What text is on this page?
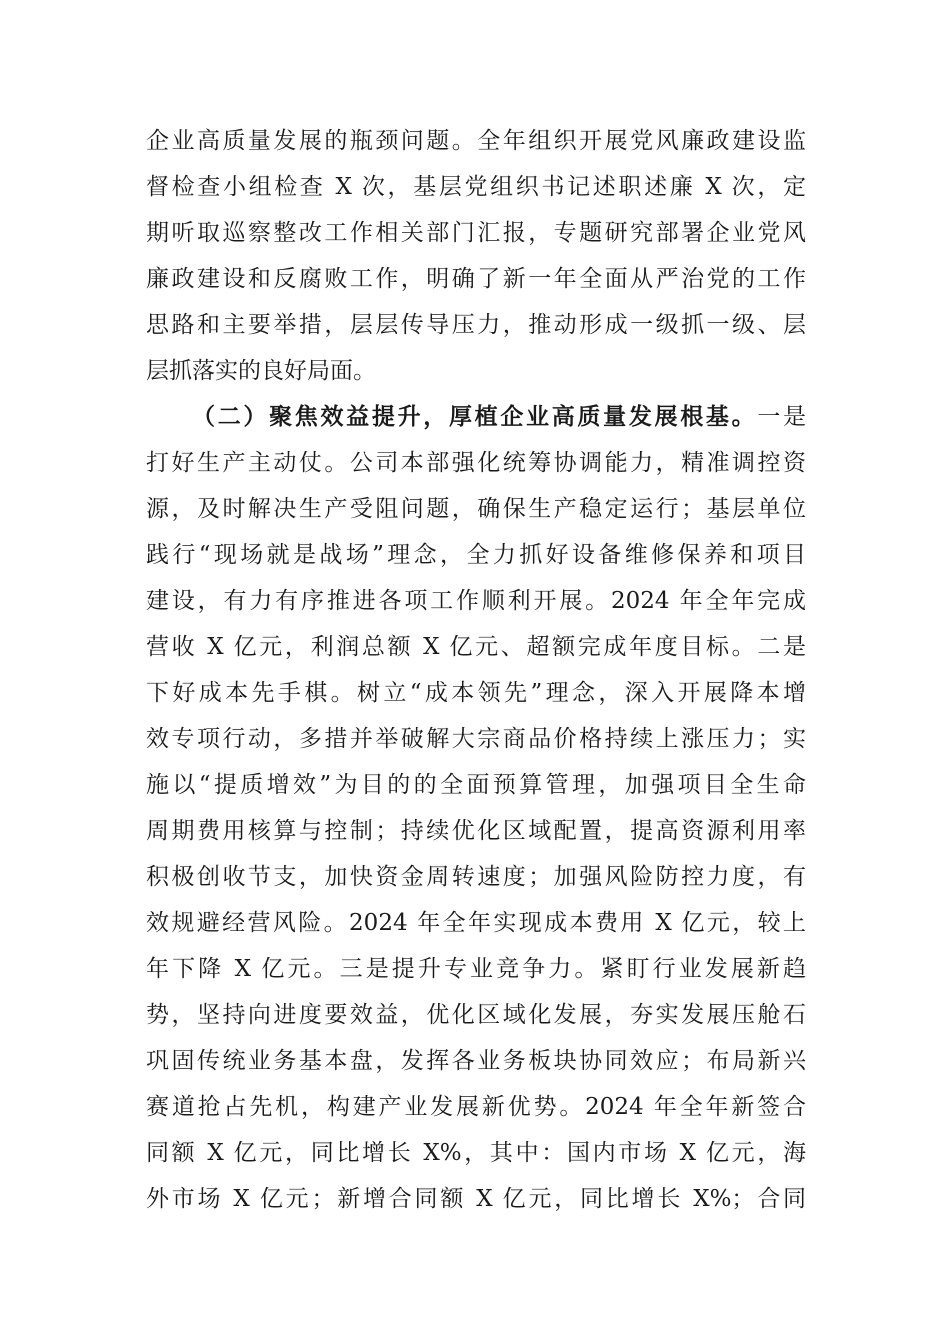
企业高质量发展的瓶颈问题。全年组织开展党风廉政建设监
督检查小组检查 X 次，基层党组织书记述职述廉 X 次，定
期听取巡察整改工作相关部门汇报，专题研究部署企业党风
廉政建设和反腐败工作，明确了新一年全面从严治党的工作
思路和主要举措，层层传导压力，推动形成一级抓一级、层
层抓落实的良好局面。
（二）聚焦效益提升，厚植企业高质量发展根基。一是
打好生产主动仗。公司本部强化统筹协调能力，精准调控资
源，及时解决生产受阻问题，确保生产稳定运行；基层单位
践行“现场就是战场”理念，全力抓好设备维修保养和项目
建设，有力有序推进各项工作顺利开展。2024 年全年完成
营收 X 亿元，利润总额 X 亿元、超额完成年度目标。二是
下好成本先手棋。树立“成本领先”理念，深入开展降本增
效专项行动，多措并举破解大宗商品价格持续上涨压力；实
施以“提质增效”为目的的全面预算管理，加强项目全生命
周期费用核算与控制；持续优化区域配置，提高资源利用率
积极创收节支，加快资金周转速度；加强风险防控力度，有
效规避经营风险。2024 年全年实现成本费用 X 亿元，较上
年下降 X 亿元。三是提升专业竞争力。紧盯行业发展新趋
势，坚持向进度要效益，优化区域化发展，夯实发展压舱石
巩固传统业务基本盘，发挥各业务板块协同效应；布局新兴
赛道抢占先机，构建产业发展新优势。2024 年全年新签合
同额 X 亿元，同比增长 X%，其中：国内市场 X 亿元，海
外市场 X 亿元；新增合同额 X 亿元，同比增长 X%；合同
